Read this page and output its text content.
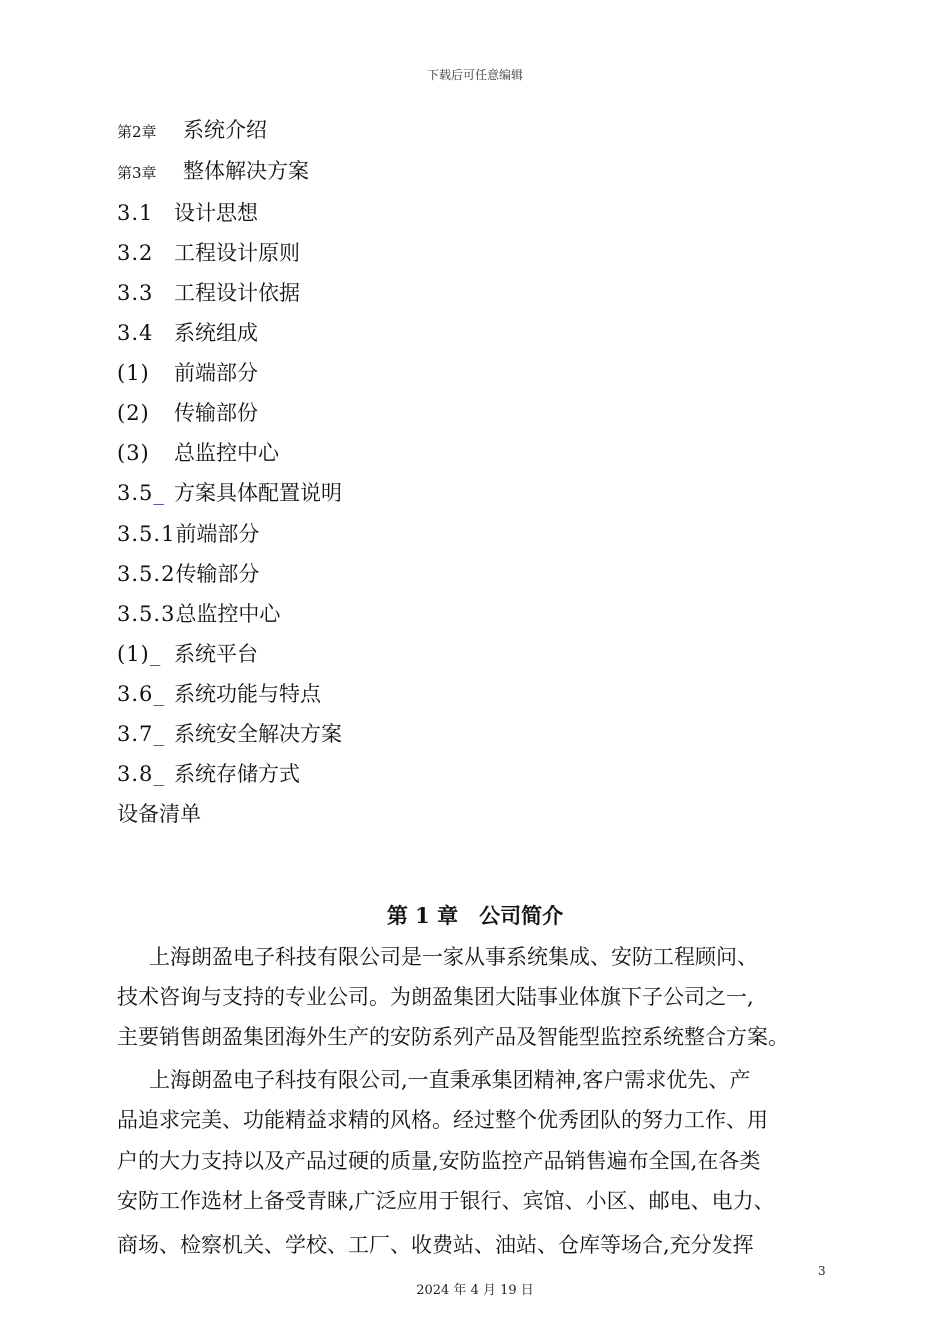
下载后可任意编辑
第2章 系统介绍
第3章 整体解决方案
3.1 设计思想
3.2 工程设计原则
3.3 工程设计依据
3.4 系统组成
(1) 前端部分
(2) 传输部份
(3) 总监控中心
3.5_ 方案具体配置说明
3.5.1前端部分
3.5.2传输部分
3.5.3总监控中心
(1)_ 系统平台
3.6_ 系统功能与特点
3.7_ 系统安全解决方案
3.8_ 系统存储方式
设备清单
第 1 章　公司简介
上海朗盈电子科技有限公司是一家从事系统集成、安防工程顾问、
技术咨询与支持的专业公司。为朗盈集团大陆事业体旗下子公司之一,
主要销售朗盈集团海外生产的安防系列产品及智能型监控系统整合方案。
上海朗盈电子科技有限公司,一直秉承集团精神,客户需求优先、产
品追求完美、功能精益求精的风格。经过整个优秀团队的努力工作、用
户的大力支持以及产品过硬的质量,安防监控产品销售遍布全国,在各类
安防工作选材上备受青睐,广泛应用于银行、宾馆、小区、邮电、电力、
商场、检察机关、学校、工厂、收费站、油站、仓库等场合,充分发挥
3
2024 年 4 月 19 日
